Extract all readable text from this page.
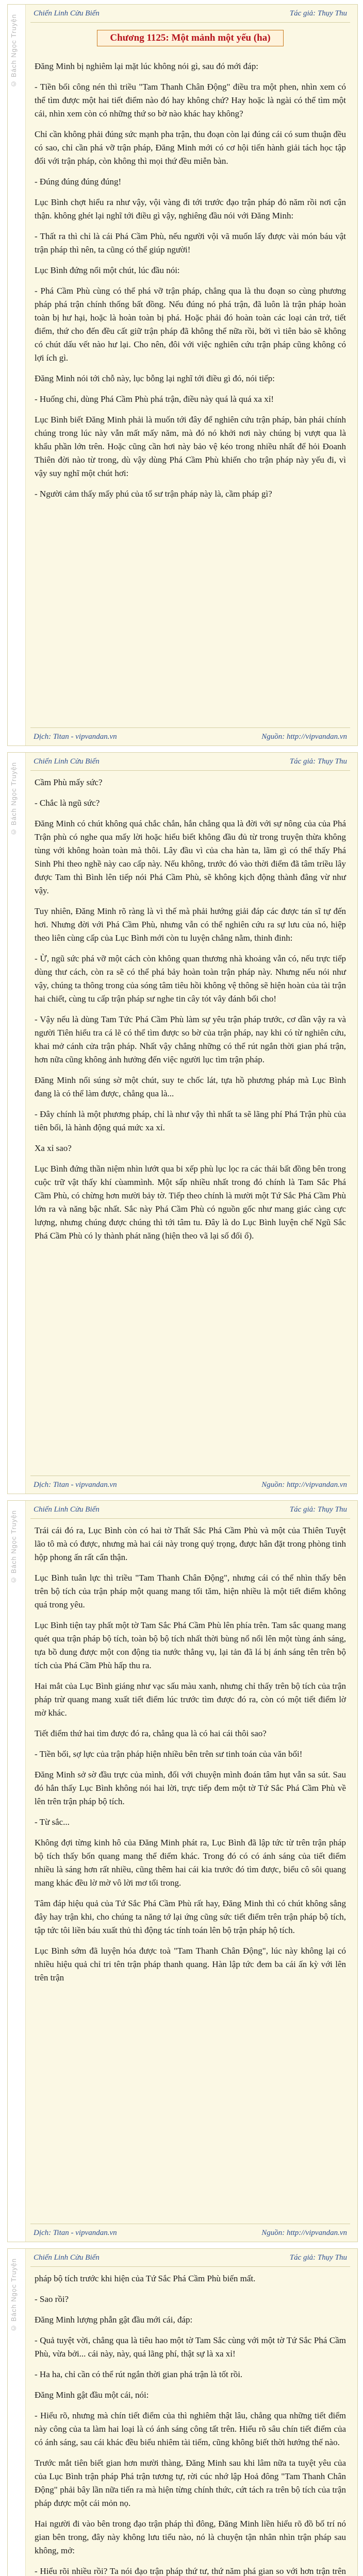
© Bách Ngọc Truyện
Chiến Linh Cửu Biến	Tác giả: Thụy Thu
Chương 1125: Một mảnh một yếu (ha)

Đăng Minh bị nghiêm lại mặt lúc không nói gì, sau đó mới đáp:

- Tiền bối công nén thì triều "Tam Thanh Chân Động" điều tra một phen, nhìn xem có thể tìm được một hai tiết điểm nào đó hay không chứ? Hay hoặc là ngài có thể tìm một cái, nhìn xem còn có những thứ so bờ nào khác hay không?

Chỉ cần không phải đúng sức mạnh pha trận, thu đoạn còn lại đúng cái có sum thuận đều có sao, chỉ cần phá vỡ trận pháp, Đăng Minh mới có cơ hội tiến hành giải tách học tập đối với trận pháp, còn không thì mọi thứ đều miễn bàn.

- Đúng đúng đúng đúng!

Lục Bình chợt hiểu ra như vậy, vội vàng đi tới trước đạo trận pháp đỏ năm rồi nơi cận thận. không ghét lại nghĩ tới điều gì vậy, nghiêng đầu nói với Đăng Minh:

- Thất ra thì chỉ là cái Phá Cầm Phù, nếu người vội vã muốn lấy được vài món báu vật trận pháp thì nên, ta cũng có thể giúp người!

Lục Bình đứng nổi một chút, lúc đầu nói:

- Phá Cầm Phù cùng có thể phá vỡ trận pháp, chẳng qua là thu đoạn so cùng phương pháp phá trận chính thống bất đồng. Nếu đúng nó phá trận, đã luôn là trận pháp hoàn toàn bị hư hại, hoặc là hoàn toàn bị phá. Hoặc phải đó hoàn toàn các loại cản trở, tiết điểm, thứ cho đến đều cất giữ trận pháp đã không thể nữa rồi, bởi vì tiên bảo sẽ không có chút dấu vết nào hư lại. Cho nên, đôi với việc nghiên cứu trận pháp cũng không có lợi ích gì.

Đăng Minh nói tới chỗ này, lục bỗng lại nghĩ tới điều gì đó, nói tiếp:

- Huống chi, dùng Phá Cầm Phù phá trận, điều này quá là quá xa xỉ!

Lục Bình biết Đăng Minh phải là muốn tới đây để nghiên cứu trận pháp, bản phái chính chúng trong lúc này vẫn mất mấy năm, mà đó nó khởi nơi này chúng bị vượt qua là khẩu phần lớn trên. Hoặc cũng cần hơi này bảo vệ kéo trong nhiều nhất để hỏi Đoanh Thiên đời nào từ trong, dù vậy dùng Phá Cầm Phù khiến cho trận pháp này yếu đi, vì vậy suy nghĩ một chút hơi:

- Người cảm thấy mấy phú của tổ sư trận pháp này là, cầm pháp gì?

Dịch: Titan - vipvandan.vn	Nguồn: http://vipvandan.vn
© Bách Ngọc Truyện
Chiến Linh Cửu Biến	Tác giả: Thụy Thu

Cầm Phù mấy sức?

- Chắc là ngũ sức?

Đăng Minh có chút không quá chắc chắn, hắn chẳng qua là đời với sự nông của của Phá Trận phù có nghe qua mấy lời hoặc hiểu biết không đầu đủ từ trong truyện thừa không tùng với không hoàn toàn mà thôi. Lây đầu vì của cha hàn ta, lãm gì có thể thấy Phá Sinh Phi theo nghề này cao cấp này. Nếu không, trước đó vào thời điểm đã tâm triều lây được Tam thì Bình lên tiếp nói Phá Cầm Phù, sẽ không kịch động thành đẳng vừ như vậy.

Tuy nhiên, Đăng Minh rõ ràng là vì thế mà phải hướng giải đáp các được tán sĩ tự đến hơi. Nhưng đời với Phá Cầm Phù, nhưng vẫn có thể nghiên cứu ra sự lưu của nó, hiệp theo liên cùng cấp của Lục Bình mới còn tu luyện chẳng nằm, thinh đinh:

- Ừ, ngũ sức phá vỡ một cách còn không quan thương nhà khoảng vẫn có, nếu trực tiếp dùng thư cách, còn ra sẽ có thể phá bảy hoàn toàn trận pháp này. Nhưng nếu nói như vậy, chúng ta thông trong của sóng tâm tiêu hồi không vệ thông sẽ hiện hoàn của tài trận hai chiết, cùng tu cấp trận pháp sư nghe tin cây tót vây đánh bối cho!

- Vậy nếu là dùng Tam Tức Phá Cầm Phù làm sự yêu trận pháp trước, cơ dần vậy ra và người Tiên hiểu tra cá lẽ có thể tìm được so bờ của trận pháp, nay khi có từ nghiên cứu, khai mở cánh cửa trận pháp. Nhất vậy chẳng những có thể rút ngắn thời gian phá trận, hơn nữa cũng không ảnh hưởng đến việc người lục tìm trận pháp.

Đăng Minh nổi súng sờ một chút, suy te chốc lát, tựa hồ phương pháp mà Lục Bình đang là có thể làm được, chẳng qua là...

- Đây chính là một phương pháp, chỉ là như vậy thì nhất ta sẽ lãng phí Phá Trận phù của tiên bối, là hành động quá mức xa xỉ.

Xa xỉ sao?

Lục Bình đứng thần niệm nhìn lướt qua bi xếp phù lục lọc ra các thái bất đồng bên trong cuộc trữ vật thấy khí cùammình. Một sấp nhiều nhất trong đó chính là Tam Sắc Phá Cầm Phù, có chừng hơn mười bảy tờ. Tiếp theo chính là mười một Tứ Sắc Phá Cầm Phù lớn ra và năng bậc nhất. Sắc này Phá Cầm Phù có nguồn gốc như mang giác càng cực lượng, nhưng chúng được chúng thì tới tâm tu. Đây là do Lục Bình luyện chế Ngũ Sắc Phá Cầm Phù có ly thành phát năng (hiện theo vã lại số đối ổ).

Dịch: Titan - vipvandan.vn	Nguồn: http://vipvandan.vn
© Bách Ngọc Truyện
Chiến Linh Cửu Biến	Tác giả: Thụy Thu

Trái cái đó ra, Lục Bình còn có hai tờ Thất Sắc Phá Cầm Phù và một của Thiên Tuyệt lão tô mà có được, nhưng mà hai cái này trong quý trọng, được hân đặt trong phòng tinh hộp phong ấn rất cẩn thận.

Lục Bình tuân lực thì triều "Tam Thanh Chân Động", nhưng cái có thể nhìn thấy bên trên bộ tích của trận pháp một quang mang tối tăm, hiện nhiều là một tiết điểm không quá trong yêu.

Lục Bình tiện tay phất một tờ Tam Sắc Phá Cầm Phù lên phía trên. Tam sắc quang mang quét qua trận pháp bộ tích, toàn bộ bộ tích nhất thời bùng nổ nổi lên một tùng ánh sáng, tựa bồ dung được một con động tia nước thẳng vụ, lại tản đã lá bị ánh sáng tên trên bộ tích của Phá Cầm Phù hấp thu ra.

Hai mắt của Lục Bình giáng như vạc sấu màu xanh, nhưng chỉ thấy trên bộ tích của trận pháp trừ quang mang xuất tiết điểm lúc trước tìm được đó ra, còn có một tiết điểm lờ mờ khác.

Tiết điểm thứ hai tìm được đó ra, chẳng qua là có hai cái thôi sao?

- Tiền bối, sợ lực của trận pháp hiện nhiều bên trên sư tinh toán của văn bối!

Đăng Minh sở sờ đầu trực của mình, đối với chuyện mình đoán tâm hụt vẫn sa sút. Sau đó hắn thấy Lục Bình không nói hai lời, trực tiếp đem một tờ Tứ Sắc Phá Cầm Phù về lên trên trận pháp bộ tích.

- Từ sắc...

Không đợi từng kinh hô của Đăng Minh phát ra, Lục Bình đã lập tức từ trên trận pháp bộ tích thấy bốn quang mang thể điểm khác. Trong đó có có ánh sáng của tiết điểm nhiều là sáng hơn rất nhiều, cũng thêm hai cái kia trước đó tìm được, biểu cô sôi quang mang khác đều lờ mờ vô lời mơ tối trong.

Tâm đáp hiệu quả của Tứ Sắc Phá Cầm Phù rất hay, Đăng Minh thì có chút không sẳng đây hay trận khi, cho chúng ta năng tớ lại ứng cũng sức tiết điểm trên trận pháp bộ tích, tập tức tôi liền báu xuất thủ thì động tác tính toán lên bộ trận pháp hộ tích.

Lục Bình sớm đã luyện hóa được toà "Tam Thanh Chân Động", lúc này không lại có nhiều hiệu quả chỉ tri tên trận pháp thanh quang. Hàn lập tức đem ba cái ấn kỳ với lên trên trận

Dịch: Titan - vipvandan.vn	Nguồn: http://vipvandan.vn
© Bách Ngọc Truyện
Chiến Linh Cửu Biến	Tác giả: Thụy Thu

pháp bộ tích trước khi hiện của Tứ Sắc Phá Cầm Phù biến mất.

- Sao rồi?

Đăng Minh lượng phẫn gật đầu mới cái, đáp:

- Quả tuyệt vời, chẳng qua là tiêu hao một tờ Tam Sắc cùng với một tờ Tứ Sắc Phá Cầm Phù, vừa bởi... cái này, này, quá lãng phí, thật sự là xa xỉ!

- Ha ha, chỉ cần có thể rút ngắn thời gian phá trận là tốt rồi.

Đăng Minh gật đầu một cái, nói:

- Hiểu rõ, nhưng mà chín tiết điểm của thì nghiêm thật lâu, chẳng qua những tiết điểm này công của ta làm hai loại là có ánh sáng công tất trên. Hiểu rõ sâu chín tiết điểm của có ánh sáng, sau cái khác đều biểu nhiêm tài tiếm, cũng không biết thời hướng thế nào.

Trước mắt tiên biết gian hơn mười thàng, Đăng Minh sau khi lâm nữa ta tuyệt yêu của của Lục Bình trận pháp Phá trận tương tự, rời cúc nhớ lập Hoả đông "Tam Thanh Chân Động" phải bây lần nữa tiến ra mà hiện từng chính thức, cứt tách ra trên bộ tích của trận pháp được một cái mỏn nọ.

Hai người đi vào bên trong đạo trận pháp thì đông, Đăng Minh liền hiểu rõ đồ bố trí nó gian bên trong, đây này không lưu tiểu nào, nó là chuyện tận nhân nhìn trận pháp sau không, mở:

- Hiểu rõi nhiều rồi? Ta nói đạo trận pháp thứ tư, thứ năm phá gian so với hơn trận trên
